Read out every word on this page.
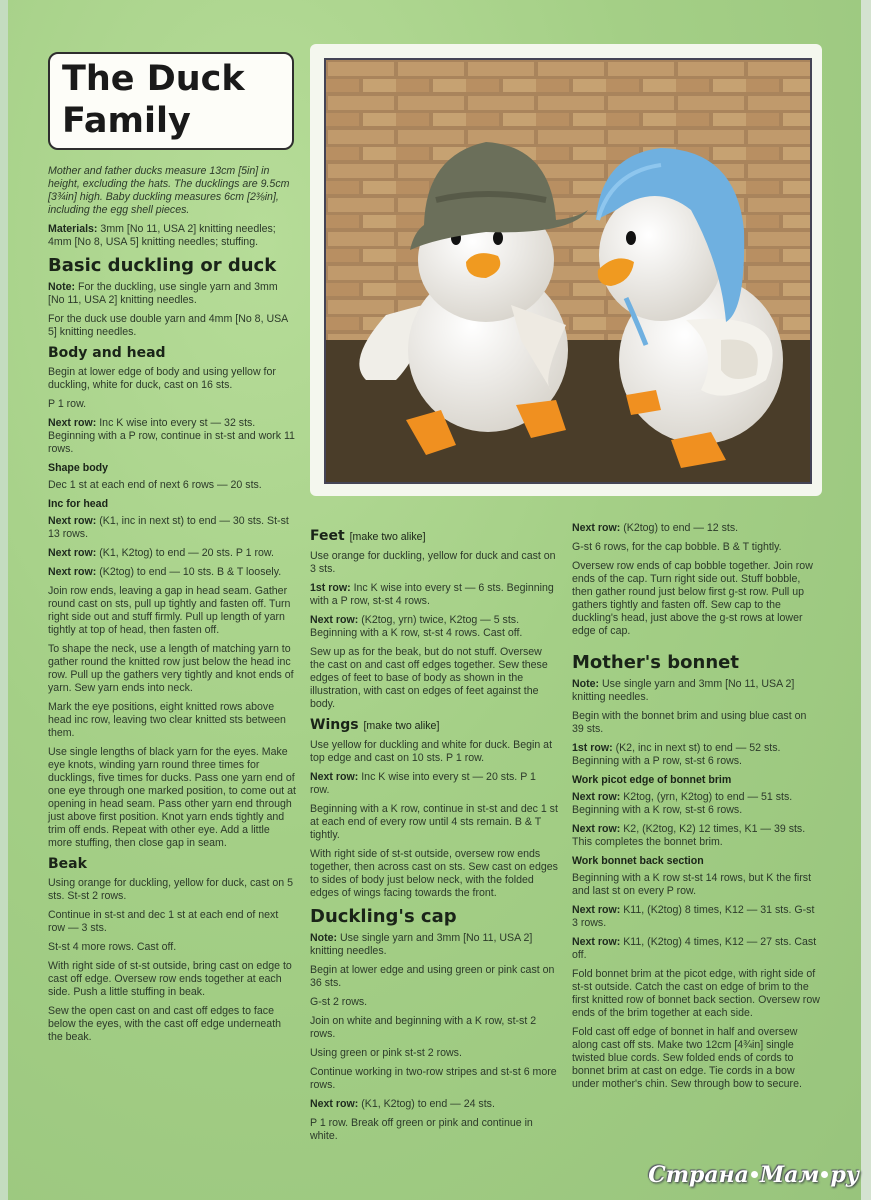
The Duck
Family

Mother and father ducks measure 13cm [5in] in height, excluding the hats. The ducklings are 9.5cm [3¾in] high. Baby duckling measures 6cm [2⅜in], including the egg shell pieces.

Materials: 3mm [No 11, USA 2] knitting needles; 4mm [No 8, USA 5] knitting needles; stuffing.

Basic duckling or duck

Note: For the duckling, use single yarn and 3mm [No 11, USA 2] knitting needles.

For the duck use double yarn and 4mm [No 8, USA 5] knitting needles.

Body and head

Begin at lower edge of body and using yellow for duckling, white for duck, cast on 16 sts.

P 1 row.

Next row: Inc K wise into every st — 32 sts. Beginning with a P row, continue in st-st and work 11 rows.

Shape body

Dec 1 st at each end of next 6 rows — 20 sts.

Inc for head

Next row: (K1, inc in next st) to end — 30 sts. St-st 13 rows.

Next row: (K1, K2tog) to end — 20 sts. P 1 row.

Next row: (K2tog) to end — 10 sts. B & T loosely.

Join row ends, leaving a gap in head seam. Gather round cast on sts, pull up tightly and fasten off. Turn right side out and stuff firmly. Pull up length of yarn tightly at top of head, then fasten off.

To shape the neck, use a length of matching yarn to gather round the knitted row just below the head inc row. Pull up the gathers very tightly and knot ends of yarn. Sew yarn ends into neck.

Mark the eye positions, eight knitted rows above head inc row, leaving two clear knitted sts between them.

Use single lengths of black yarn for the eyes. Make eye knots, winding yarn round three times for ducklings, five times for ducks. Pass one yarn end of one eye through one marked position, to come out at opening in head seam. Pass other yarn end through just above first position. Knot yarn ends tightly and trim off ends. Repeat with other eye. Add a little more stuffing, then close gap in seam.

Beak

Using orange for duckling, yellow for duck, cast on 5 sts. St-st 2 rows.

Continue in st-st and dec 1 st at each end of next row — 3 sts.

St-st 4 more rows. Cast off.

With right side of st-st outside, bring cast on edge to cast off edge. Oversew row ends together at each side. Push a little stuffing in beak.

Sew the open cast on and cast off edges to face below the eyes, with the cast off edge underneath the beak.

Feet [make two alike]

Use orange for duckling, yellow for duck and cast on 3 sts.

1st row: Inc K wise into every st — 6 sts. Beginning with a P row, st-st 4 rows.

Next row: (K2tog, yrn) twice, K2tog — 5 sts. Beginning with a K row, st-st 4 rows. Cast off.

Sew up as for the beak, but do not stuff. Oversew the cast on and cast off edges together. Sew these edges of feet to base of body as shown in the illustration, with cast on edges of feet against the body.

Wings [make two alike]

Use yellow for duckling and white for duck. Begin at top edge and cast on 10 sts. P 1 row.

Next row: Inc K wise into every st — 20 sts. P 1 row.

Beginning with a K row, continue in st-st and dec 1 st at each end of every row until 4 sts remain. B & T tightly.

With right side of st-st outside, oversew row ends together, then across cast on sts. Sew cast on edges to sides of body just below neck, with the folded edges of wings facing towards the front.

Duckling's cap

Note: Use single yarn and 3mm [No 11, USA 2] knitting needles.

Begin at lower edge and using green or pink cast on 36 sts.

G-st 2 rows.

Join on white and beginning with a K row, st-st 2 rows.

Using green or pink st-st 2 rows.

Continue working in two-row stripes and st-st 6 more rows.

Next row: (K1, K2tog) to end — 24 sts.

P 1 row. Break off green or pink and continue in white.

Next row: (K2tog) to end — 12 sts.

G-st 6 rows, for the cap bobble. B & T tightly.

Oversew row ends of cap bobble together. Join row ends of the cap. Turn right side out. Stuff bobble, then gather round just below first g-st row. Pull up gathers tightly and fasten off. Sew cap to the duckling's head, just above the g-st rows at lower edge of cap.

Mother's bonnet

Note: Use single yarn and 3mm [No 11, USA 2] knitting needles.

Begin with the bonnet brim and using blue cast on 39 sts.

1st row: (K2, inc in next st) to end — 52 sts. Beginning with a P row, st-st 6 rows.

Work picot edge of bonnet brim

Next row: K2tog, (yrn, K2tog) to end — 51 sts. Beginning with a K row, st-st 6 rows.

Next row: K2, (K2tog, K2) 12 times, K1 — 39 sts. This completes the bonnet brim.

Work bonnet back section

Beginning with a K row st-st 14 rows, but K the first and last st on every P row.

Next row: K11, (K2tog) 8 times, K12 — 31 sts. G-st 3 rows.

Next row: K11, (K2tog) 4 times, K12 — 27 sts. Cast off.

Fold bonnet brim at the picot edge, with right side of st-st outside. Catch the cast on edge of brim to the first knitted row of bonnet back section. Oversew row ends of the brim together at each side.

Fold cast off edge of bonnet in half and oversew along cast off sts. Make two 12cm [4¾in] single twisted blue cords. Sew folded ends of cords to bonnet brim at cast on edge. Tie cords in a bow under mother's chin. Sew through bow to secure.

Страна Мам ру
